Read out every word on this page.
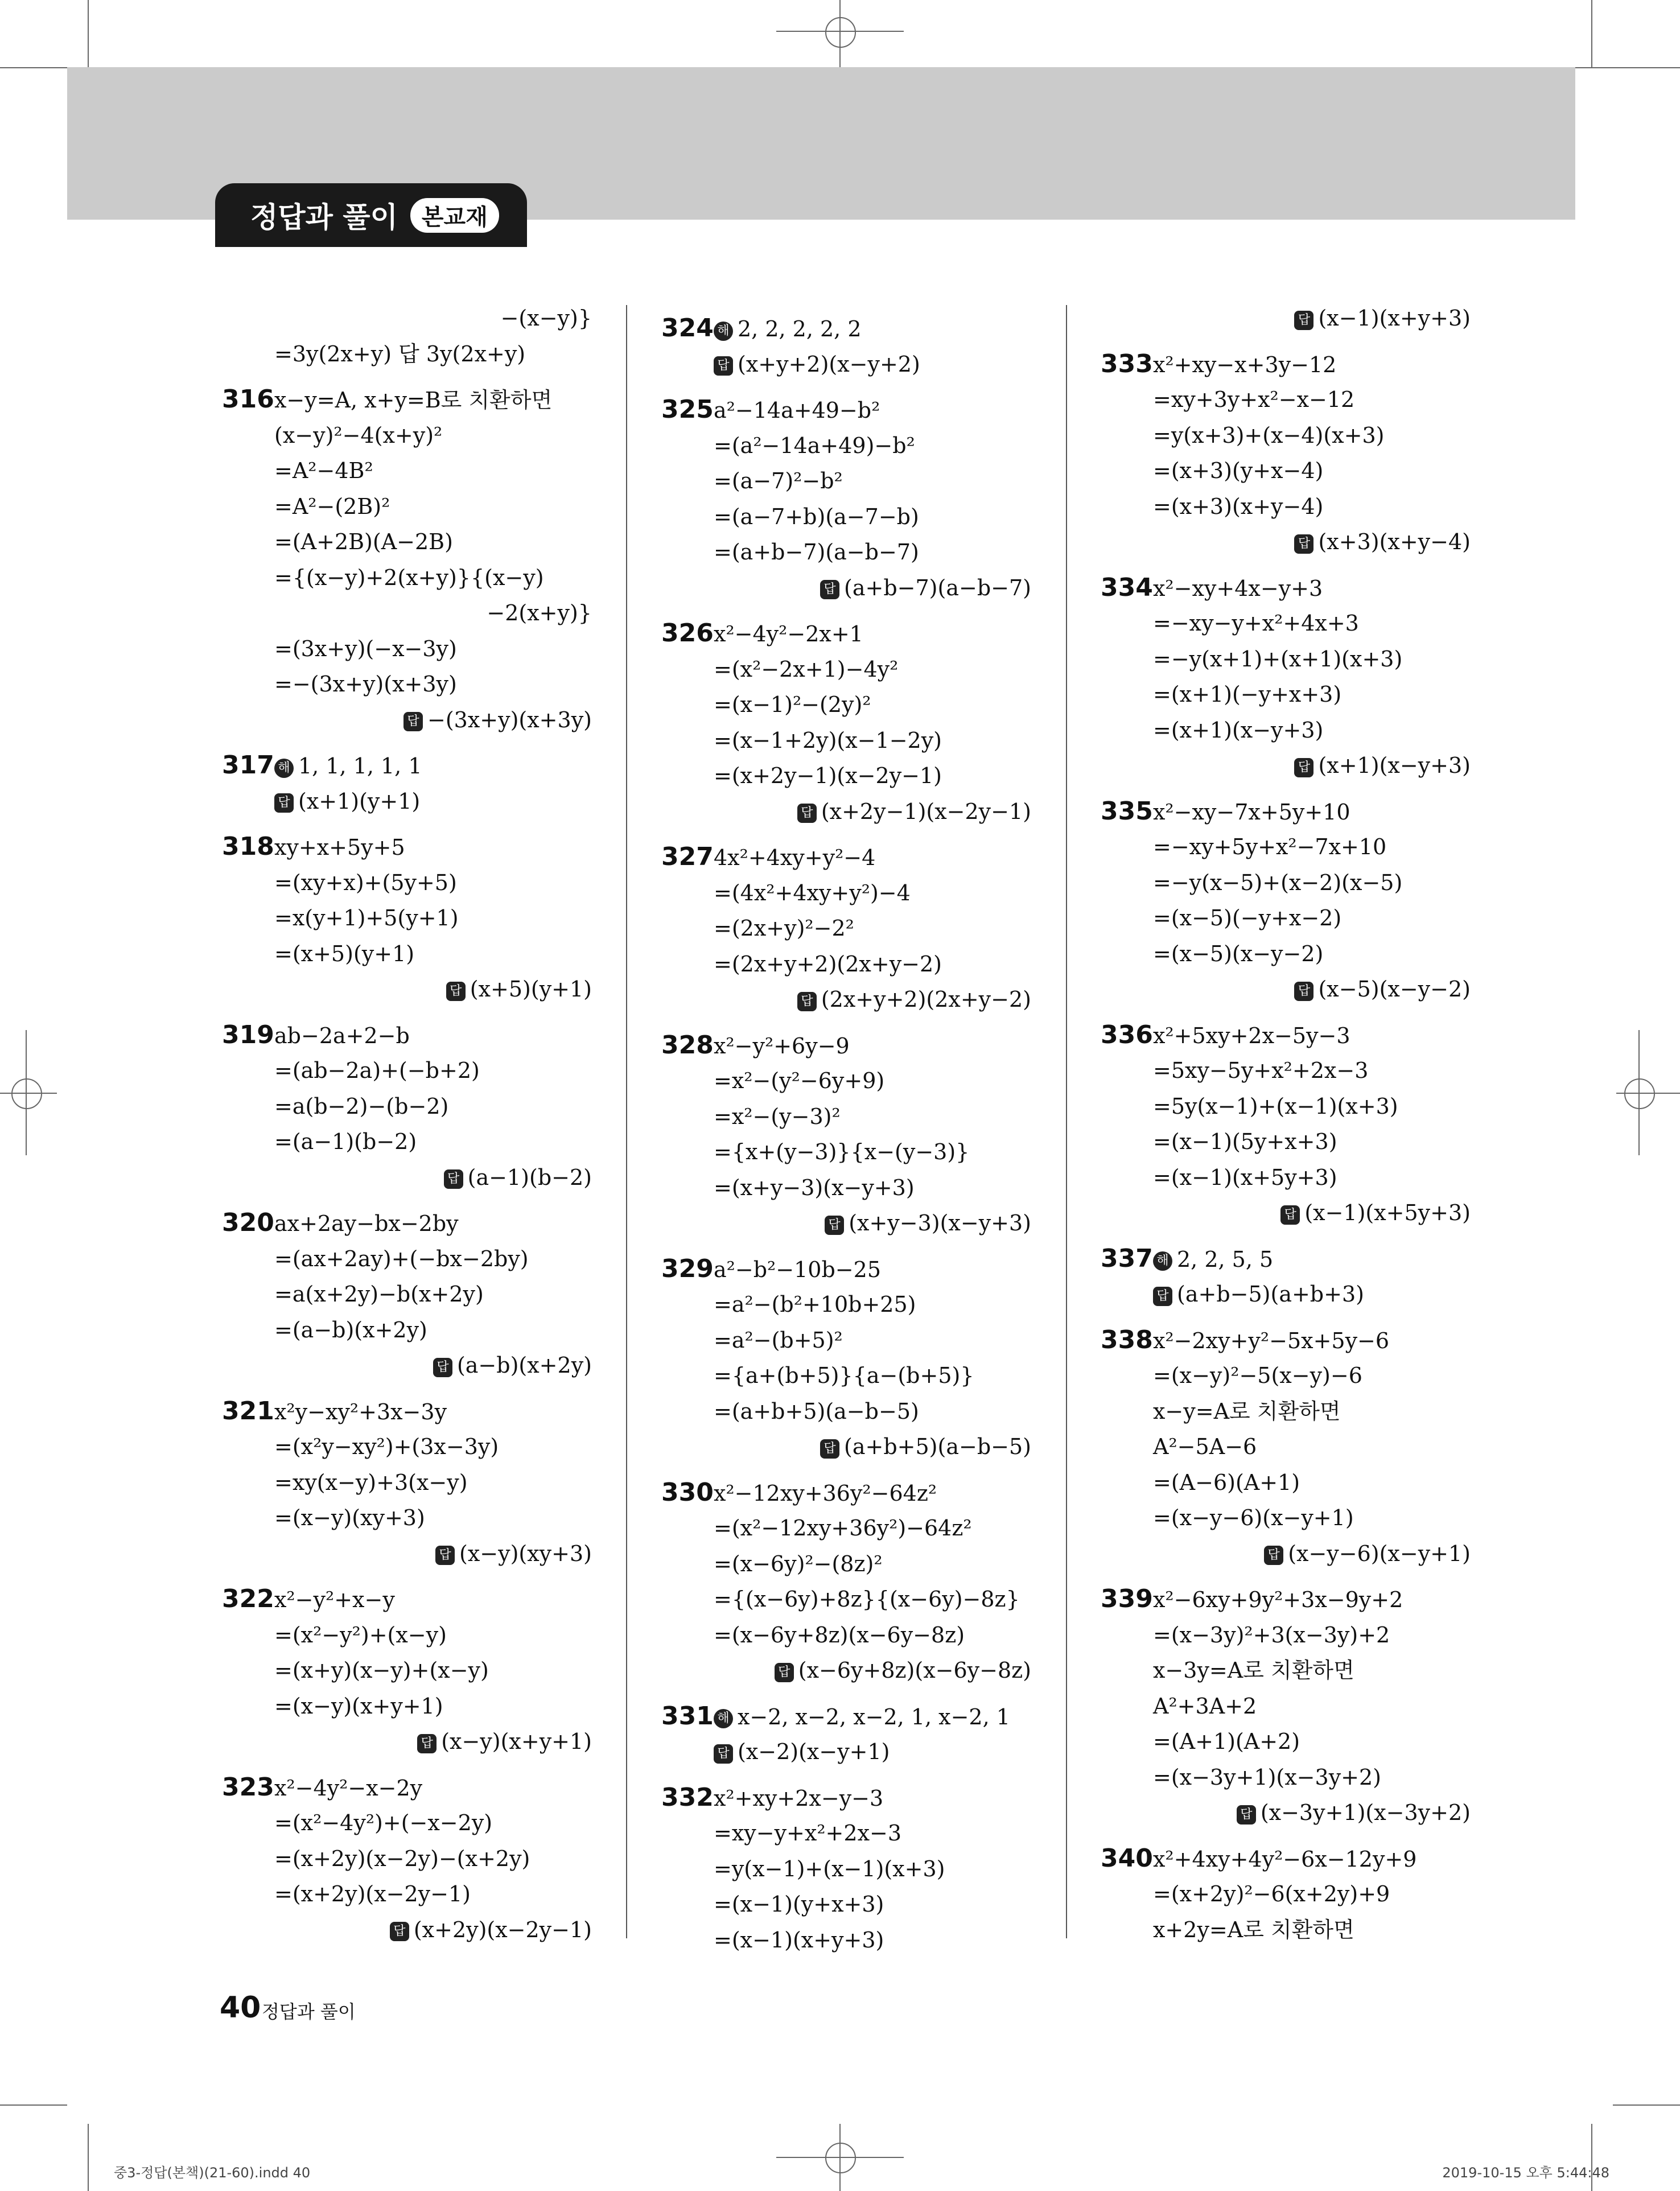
정답과 풀이	본교재
−(x−y)}
=3y(2x+y) 답 3y(2x+y)
316x−y=A, x+y=B로 치환하면
(x−y)²−4(x+y)²
=A²−4B²
=A²−(2B)²
=(A+2B)(A−2B)
={(x−y)+2(x+y)}{(x−y)
−2(x+y)}
=(3x+y)(−x−3y)
=−(3x+y)(x+3y)
답 −(3x+y)(x+3y)
317 해 1, 1, 1, 1, 1
답 (x+1)(y+1)
318xy+x+5y+5
=(xy+x)+(5y+5)
=x(y+1)+5(y+1)
=(x+5)(y+1)
답 (x+5)(y+1)
319ab−2a+2−b
=(ab−2a)+(−b+2)
=a(b−2)−(b−2)
=(a−1)(b−2)
답 (a−1)(b−2)
320ax+2ay−bx−2by
=(ax+2ay)+(−bx−2by)
=a(x+2y)−b(x+2y)
=(a−b)(x+2y)
답 (a−b)(x+2y)
321x²y−xy²+3x−3y
=(x²y−xy²)+(3x−3y)
=xy(x−y)+3(x−y)
=(x−y)(xy+3)
답 (x−y)(xy+3)
322x²−y²+x−y
=(x²−y²)+(x−y)
=(x+y)(x−y)+(x−y)
=(x−y)(x+y+1)
답 (x−y)(x+y+1)
323x²−4y²−x−2y
=(x²−4y²)+(−x−2y)
=(x+2y)(x−2y)−(x+2y)
=(x+2y)(x−2y−1)
답 (x+2y)(x−2y−1)
324 해 2, 2, 2, 2, 2
답 (x+y+2)(x−y+2)
325a²−14a+49−b²
=(a²−14a+49)−b²
=(a−7)²−b²
=(a−7+b)(a−7−b)
=(a+b−7)(a−b−7)
답 (a+b−7)(a−b−7)
326x²−4y²−2x+1
=(x²−2x+1)−4y²
=(x−1)²−(2y)²
=(x−1+2y)(x−1−2y)
=(x+2y−1)(x−2y−1)
답 (x+2y−1)(x−2y−1)
3274x²+4xy+y²−4
=(4x²+4xy+y²)−4
=(2x+y)²−2²
=(2x+y+2)(2x+y−2)
답 (2x+y+2)(2x+y−2)
328x²−y²+6y−9
=x²−(y²−6y+9)
=x²−(y−3)²
={x+(y−3)}{x−(y−3)}
=(x+y−3)(x−y+3)
답 (x+y−3)(x−y+3)
329a²−b²−10b−25
=a²−(b²+10b+25)
=a²−(b+5)²
={a+(b+5)}{a−(b+5)}
=(a+b+5)(a−b−5)
답 (a+b+5)(a−b−5)
330x²−12xy+36y²−64z²
=(x²−12xy+36y²)−64z²
=(x−6y)²−(8z)²
={(x−6y)+8z}{(x−6y)−8z}
=(x−6y+8z)(x−6y−8z)
답 (x−6y+8z)(x−6y−8z)
331 해 x−2, x−2, x−2, 1, x−2, 1
답 (x−2)(x−y+1)
332x²+xy+2x−y−3
=xy−y+x²+2x−3
=y(x−1)+(x−1)(x+3)
=(x−1)(y+x+3)
=(x−1)(x+y+3)
답 (x−1)(x+y+3)
333x²+xy−x+3y−12
=xy+3y+x²−x−12
=y(x+3)+(x−4)(x+3)
=(x+3)(y+x−4)
=(x+3)(x+y−4)
답 (x+3)(x+y−4)
334x²−xy+4x−y+3
=−xy−y+x²+4x+3
=−y(x+1)+(x+1)(x+3)
=(x+1)(−y+x+3)
=(x+1)(x−y+3)
답 (x+1)(x−y+3)
335x²−xy−7x+5y+10
=−xy+5y+x²−7x+10
=−y(x−5)+(x−2)(x−5)
=(x−5)(−y+x−2)
=(x−5)(x−y−2)
답 (x−5)(x−y−2)
336x²+5xy+2x−5y−3
=5xy−5y+x²+2x−3
=5y(x−1)+(x−1)(x+3)
=(x−1)(5y+x+3)
=(x−1)(x+5y+3)
답 (x−1)(x+5y+3)
337 해 2, 2, 5, 5
답 (a+b−5)(a+b+3)
338x²−2xy+y²−5x+5y−6
=(x−y)²−5(x−y)−6
x−y=A로 치환하면
A²−5A−6
=(A−6)(A+1)
=(x−y−6)(x−y+1)
답 (x−y−6)(x−y+1)
339x²−6xy+9y²+3x−9y+2
=(x−3y)²+3(x−3y)+2
x−3y=A로 치환하면
A²+3A+2
=(A+1)(A+2)
=(x−3y+1)(x−3y+2)
답 (x−3y+1)(x−3y+2)
340x²+4xy+4y²−6x−12y+9
=(x+2y)²−6(x+2y)+9
x+2y=A로 치환하면
40 정답과 풀이
중3-정답(본책)(21-60).indd 40	2019-10-15 오후 5:44:48
